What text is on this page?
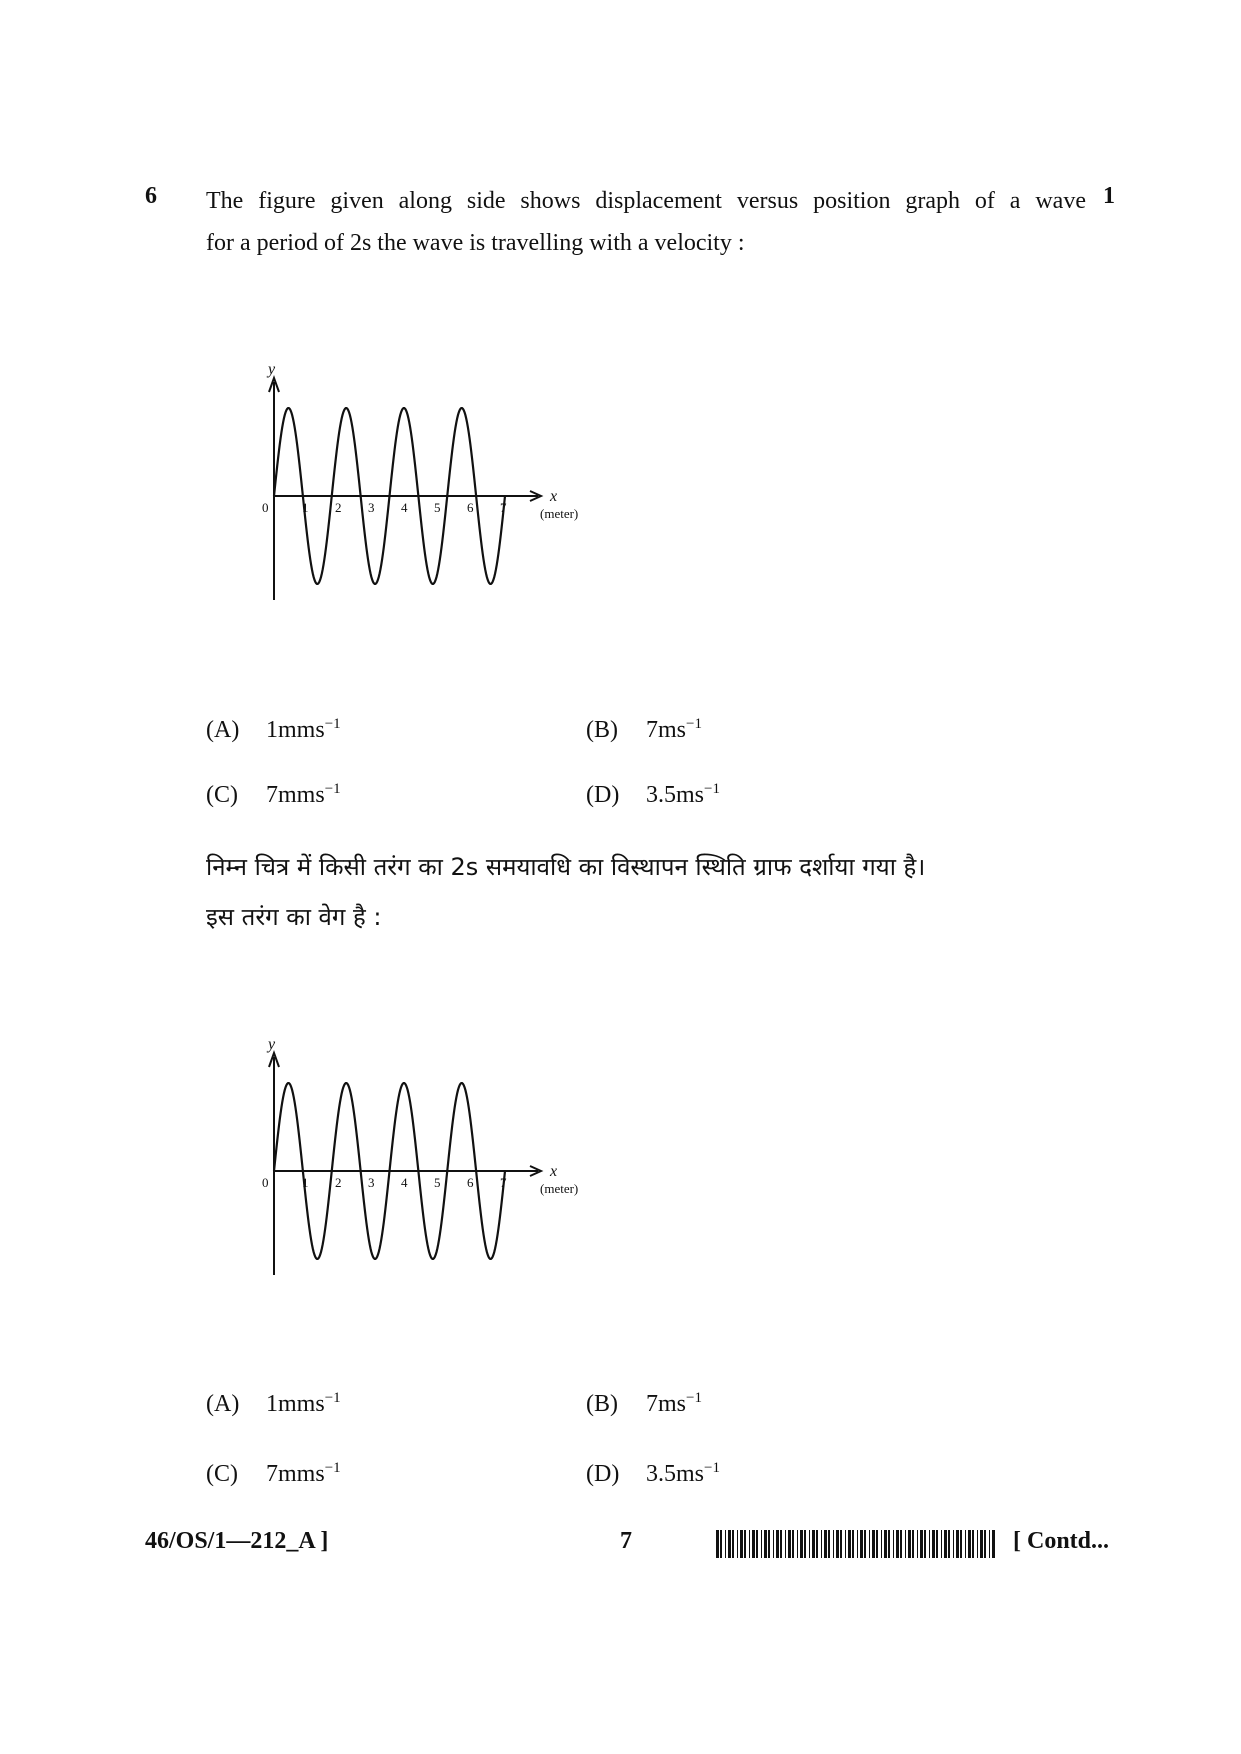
6 The figure given along side shows displacement versus position graph of a wave
for a period of 2s the wave is travelling with a velocity :
1
y
x
(meter)
0	1 2 3 4 5 6 7
(A) 1mms$^{-1}$	(B) $7ms^{-1}$
(C) 7mms$^{-1}$	(D) $3.5ms^{-1}$
निम्न चित्र में किसी तरंग का 2s समयावधि का विस्थापन स्थिति ग्राफ दर्शाया गया है।
इस तरंग का वेग है :
y
x
(meter)
0	1 2 3 4 5 6 7
(A) 1mms$^{-1}$	(B) $7ms^{-1}$
(C) 7mms$^{-1}$	(D) $3.5ms^{-1}$
46/OS/1—212_A ]	7	[ Contd...
